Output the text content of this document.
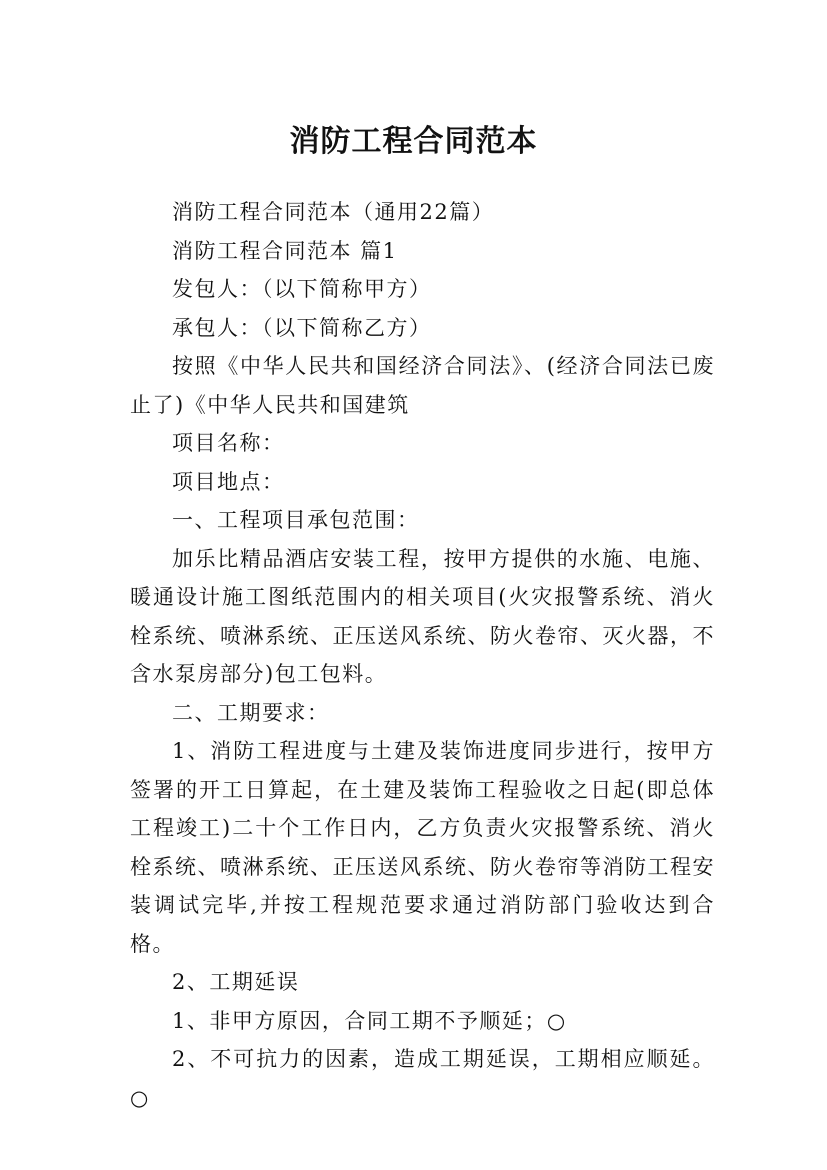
消防工程合同范本

消防工程合同范本（通用22篇）

消防工程合同范本 篇1

发包人：（以下简称甲方）

承包人：（以下简称乙方）

按照《中华人民共和国经济合同法》、(经济合同法已废止了)《中华人民共和国建筑

项目名称：

项目地点：

一、工程项目承包范围：

加乐比精品酒店安装工程，按甲方提供的水施、电施、暖通设计施工图纸范围内的相关项目(火灾报警系统、消火栓系统、喷淋系统、正压送风系统、防火卷帘、灭火器，不含水泵房部分)包工包料。

二、工期要求：

1、消防工程进度与土建及装饰进度同步进行，按甲方签署的开工日算起，在土建及装饰工程验收之日起(即总体工程竣工)二十个工作日内，乙方负责火灾报警系统、消火栓系统、喷淋系统、正压送风系统、防火卷帘等消防工程安装调试完毕,并按工程规范要求通过消防部门验收达到合格。

2、工期延误

1、非甲方原因，合同工期不予顺延；○

2、不可抗力的因素，造成工期延误，工期相应顺延。 ○
